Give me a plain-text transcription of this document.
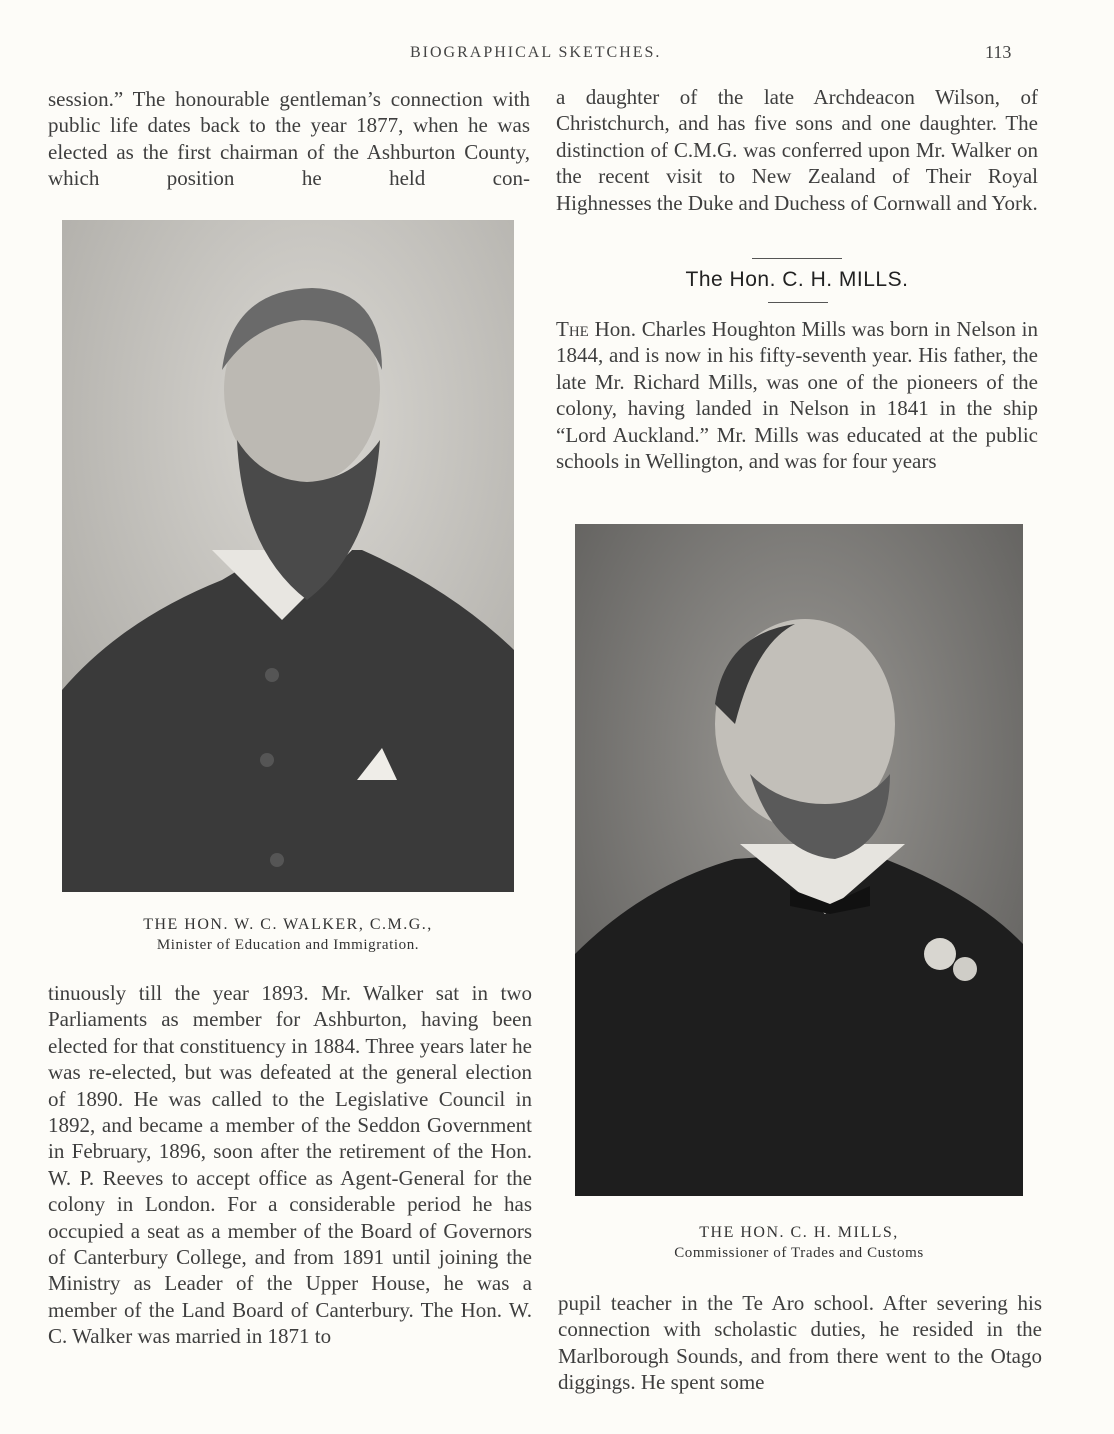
BIOGRAPHICAL SKETCHES.	113

session.” The honourable gentleman’s connection with public life dates back to the year 1877, when he was elected as the first chairman of the Ashburton County, which position he held con-

THE HON. W. C. WALKER, C.M.G.,
Minister of Education and Immigration.

tinuously till the year 1893. Mr. Walker sat in two Parliaments as member for Ashburton, having been elected for that constituency in 1884. Three years later he was re-elected, but was defeated at the general election of 1890. He was called to the Legislative Council in 1892, and became a member of the Seddon Government in February, 1896, soon after the retirement of the Hon. W. P. Reeves to accept office as Agent-General for the colony in London. For a considerable period he has occupied a seat as a member of the Board of Governors of Canterbury College, and from 1891 until joining the Ministry as Leader of the Upper House, he was a member of the Land Board of Canterbury. The Hon. W. C. Walker was married in 1871 to

a daughter of the late Archdeacon Wilson, of Christchurch, and has five sons and one daughter. The distinction of C.M.G. was conferred upon Mr. Walker on the recent visit to New Zealand of Their Royal Highnesses the Duke and Duchess of Cornwall and York.

The Hon. C. H. MILLS.

The Hon. Charles Houghton Mills was born in Nelson in 1844, and is now in his fifty-seventh year. His father, the late Mr. Richard Mills, was one of the pioneers of the colony, having landed in Nelson in 1841 in the ship “Lord Auckland.” Mr. Mills was educated at the public schools in Wellington, and was for four years

THE HON. C. H. MILLS,
Commissioner of Trades and Customs

pupil teacher in the Te Aro school. After severing his connection with scholastic duties, he resided in the Marlborough Sounds, and from there went to the Otago diggings. He spent some
